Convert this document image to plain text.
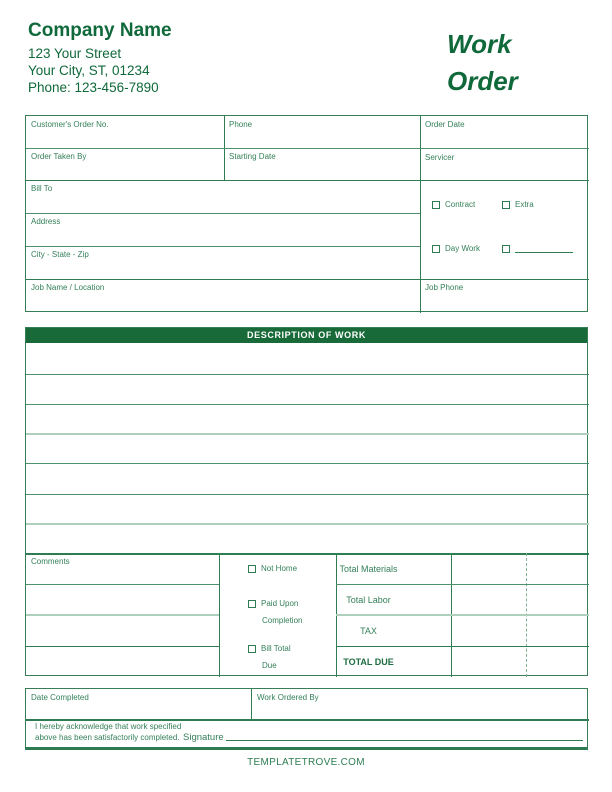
Company Name
123 Your Street
Your City, ST, 01234
Phone: 123-456-7890
Work
Order
Customer's Order No.	Phone	Order Date
Order Taken By	Starting Date	Servicer
Bill To
Address
City - State - Zip
Job Name / Location	Job Phone
Contract	Extra
Day Work
DESCRIPTION OF WORK
Comments
Not Home
Paid Upon
Completion
Bill Total
Due
Total Materials
Total Labor
TAX
TOTAL DUE
Date Completed	Work Ordered By
I hereby acknowledge that work specified
above has been satisfactorily completed. Signature
TEMPLATETROVE.COM
